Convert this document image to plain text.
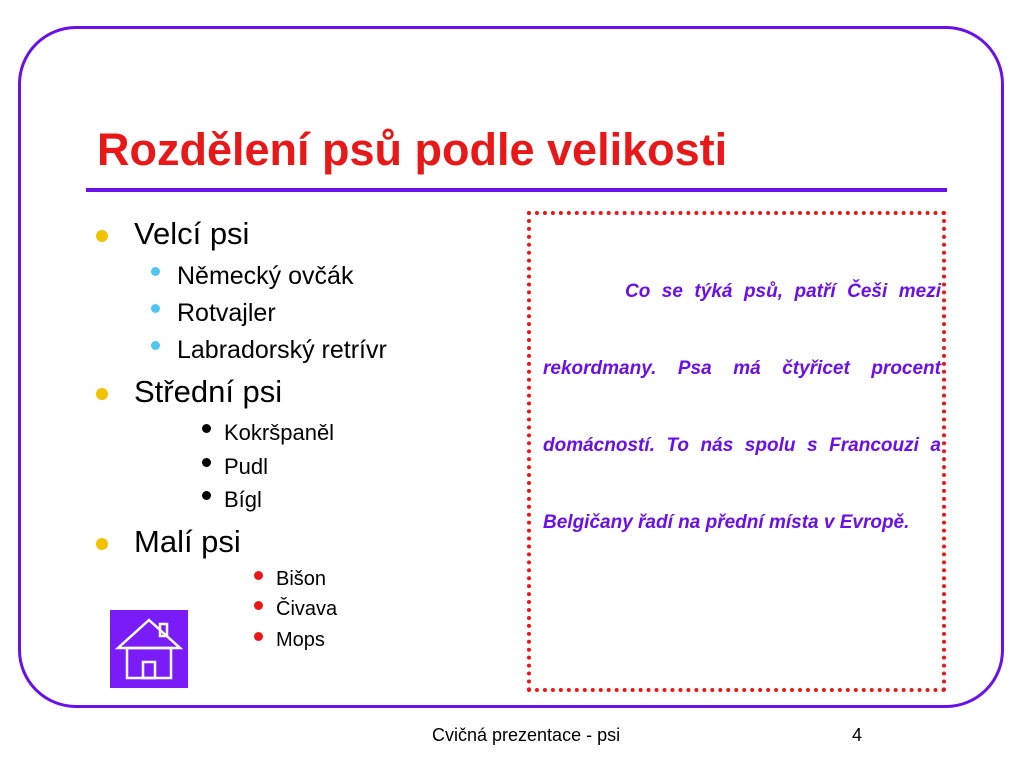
Rozdělení psů podle velikosti
Velcí psi
Německý ovčák
Rotvajler
Labradorský retrívr
Střední psi
Kokršpaněl
Pudl
Bígl
Malí psi
Bišon
Čivava
Mops

Co se týká psů, patří Češi mezi rekordmany. Psa má čtyřicet procent domácností. To nás spolu s Francouzi a Belgičany řadí na přední místa v Evropě.

Cvičná prezentace - psi	4
